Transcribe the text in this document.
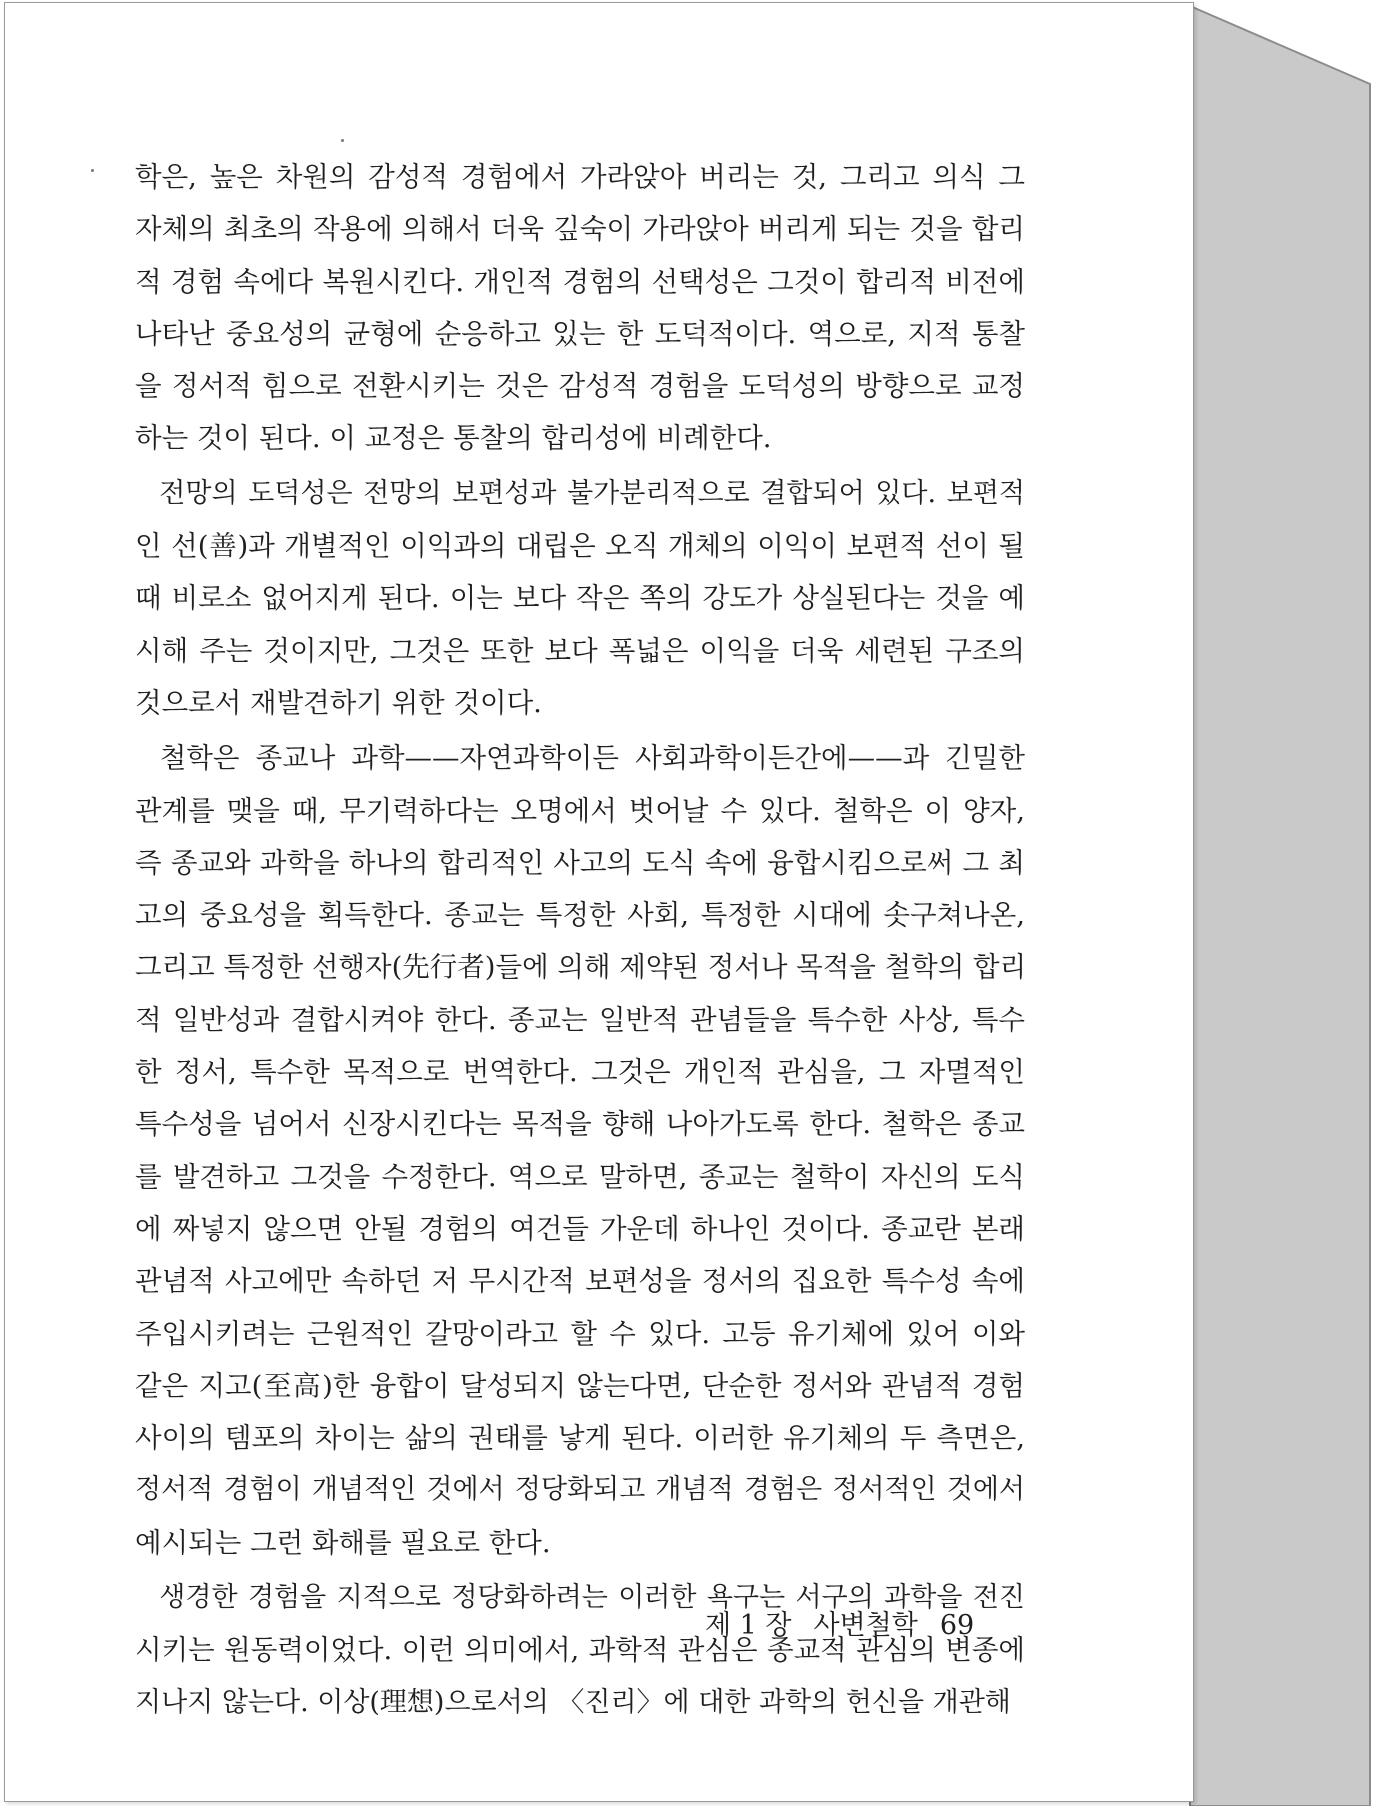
학은, 높은 차원의 감성적 경험에서 가라앉아 버리는 것, 그리고 의식 그
자체의 최초의 작용에 의해서 더욱 깊숙이 가라앉아 버리게 되는 것을 합리
적 경험 속에다 복원시킨다. 개인적 경험의 선택성은 그것이 합리적 비전에
나타난 중요성의 균형에 순응하고 있는 한 도덕적이다. 역으로, 지적 통찰
을 정서적 힘으로 전환시키는 것은 감성적 경험을 도덕성의 방향으로 교정
하는 것이 된다. 이 교정은 통찰의 합리성에 비례한다.
전망의 도덕성은 전망의 보편성과 불가분리적으로 결합되어 있다. 보편적
인 선(善)과 개별적인 이익과의 대립은 오직 개체의 이익이 보편적 선이 될
때 비로소 없어지게 된다. 이는 보다 작은 쪽의 강도가 상실된다는 것을 예
시해 주는 것이지만, 그것은 또한 보다 폭넓은 이익을 더욱 세련된 구조의
것으로서 재발견하기 위한 것이다.
철학은 종교나 과학——자연과학이든 사회과학이든간에——과 긴밀한
관계를 맺을 때, 무기력하다는 오명에서 벗어날 수 있다. 철학은 이 양자,
즉 종교와 과학을 하나의 합리적인 사고의 도식 속에 융합시킴으로써 그 최
고의 중요성을 획득한다. 종교는 특정한 사회, 특정한 시대에 솟구쳐나온,
그리고 특정한 선행자(先行者)들에 의해 제약된 정서나 목적을 철학의 합리
적 일반성과 결합시켜야 한다. 종교는 일반적 관념들을 특수한 사상, 특수
한 정서, 특수한 목적으로 번역한다. 그것은 개인적 관심을, 그 자멸적인
특수성을 넘어서 신장시킨다는 목적을 향해 나아가도록 한다. 철학은 종교
를 발견하고 그것을 수정한다. 역으로 말하면, 종교는 철학이 자신의 도식
에 짜넣지 않으면 안될 경험의 여건들 가운데 하나인 것이다. 종교란 본래
관념적 사고에만 속하던 저 무시간적 보편성을 정서의 집요한 특수성 속에
주입시키려는 근원적인 갈망이라고 할 수 있다. 고등 유기체에 있어 이와
같은 지고(至高)한 융합이 달성되지 않는다면, 단순한 정서와 관념적 경험
사이의 템포의 차이는 삶의 권태를 낳게 된다. 이러한 유기체의 두 측면은,
정서적 경험이 개념적인 것에서 정당화되고 개념적 경험은 정서적인 것에서
예시되는 그런 화해를 필요로 한다.
생경한 경험을 지적으로 정당화하려는 이러한 욕구는 서구의 과학을 전진
시키는 원동력이었다. 이런 의미에서, 과학적 관심은 종교적 관심의 변종에
지나지 않는다. 이상(理想)으로서의 〈진리〉에 대한 과학의 헌신을 개관해
제 1 장 사변철학 69
